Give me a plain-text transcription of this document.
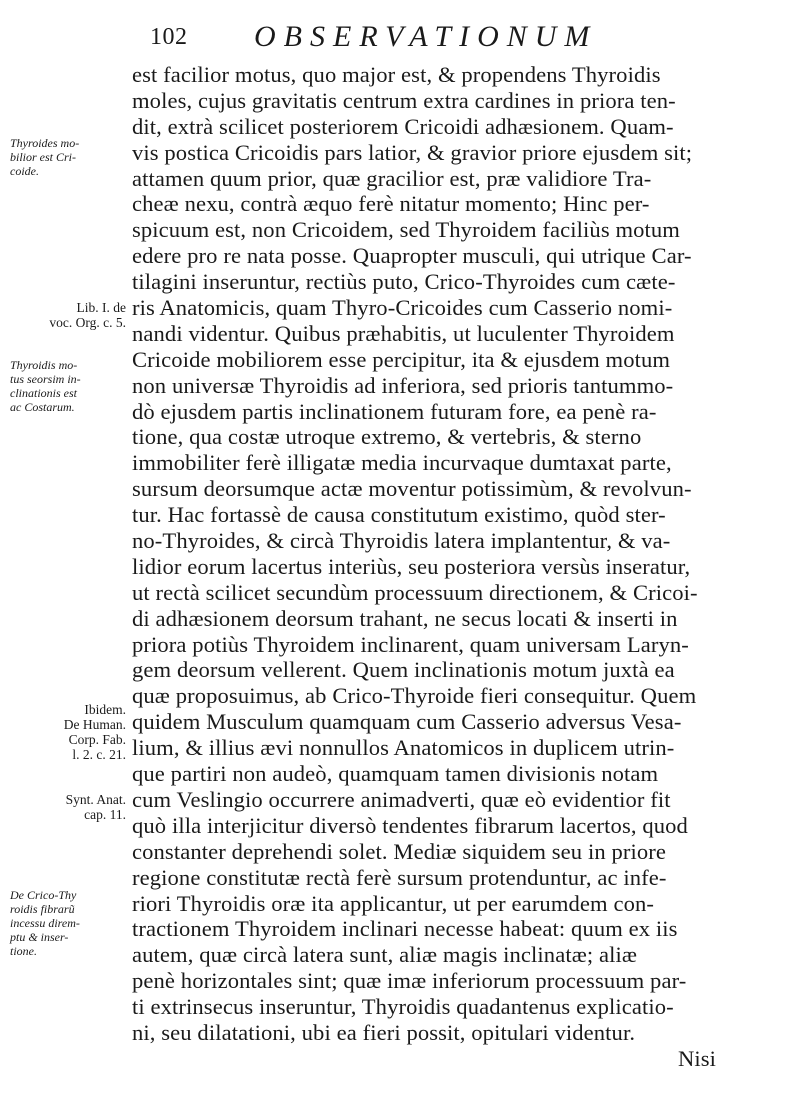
102 OBSERVATIONUM
Thyroides mo-
bilior est Cri-
coide.
Lib. I. de
voc. Org. c. 5.
Thyroidis mo-
tus seorsim in-
clinationis est
ac Costarum.
Ibidem.
De Human.
Corp. Fab.
l. 2. c. 21.
Synt. Anat.
cap. 11.
De Crico-Thy
roidis fibrarũ
incessu direm-
ptu & inser-
tione.
est facilior motus, quo major est, & propendens Thyroidis
moles, cujus gravitatis centrum extra cardines in priora ten-
dit, extrà scilicet posteriorem Cricoidi adhæsionem. Quam-
vis postica Cricoidis pars latior, & gravior priore ejusdem sit;
attamen quum prior, quæ gracilior est, præ validiore Tra-
cheæ nexu, contrà æquo ferè nitatur momento; Hinc per-
spicuum est, non Cricoidem, sed Thyroidem faciliùs motum
edere pro re nata posse. Quapropter musculi, qui utrique Car-
tilagini inseruntur, rectiùs puto, Crico-Thyroides cum cæte-
ris Anatomicis, quam Thyro-Cricoides cum Casserio nomi-
nandi videntur. Quibus præhabitis, ut luculenter Thyroidem
Cricoide mobiliorem esse percipitur, ita & ejusdem motum
non universæ Thyroidis ad inferiora, sed prioris tantummo-
dò ejusdem partis inclinationem futuram fore, ea penè ra-
tione, qua costæ utroque extremo, & vertebris, & sterno
immobiliter ferè illigatæ media incurvaque dumtaxat parte,
sursum deorsumque actæ moventur potissimùm, & revolvun-
tur. Hac fortassè de causa constitutum existimo, quòd ster-
no-Thyroides, & circà Thyroidis latera implantentur, & va-
lidior eorum lacertus interiùs, seu posteriora versùs inseratur,
ut rectà scilicet secundùm processuum directionem, & Cricoi-
di adhæsionem deorsum trahant, ne secus locati & inserti in
priora potiùs Thyroidem inclinarent, quam universam Laryn-
gem deorsum vellerent. Quem inclinationis motum juxtà ea
quæ proposuimus, ab Crico-Thyroide fieri consequitur. Quem
quidem Musculum quamquam cum Casserio adversus Vesa-
lium, & illius ævi nonnullos Anatomicos in duplicem utrin-
que partiri non audeò, quamquam tamen divisionis notam
cum Veslingio occurrere animadverti, quæ eò evidentior fit
quò illa interjicitur diversò tendentes fibrarum lacertos, quod
constanter deprehendi solet. Mediæ siquidem seu in priore
regione constitutæ rectà ferè sursum protenduntur, ac infe-
riori Thyroidis oræ ita applicantur, ut per earumdem con-
tractionem Thyroidem inclinari necesse habeat: quum ex iis
autem, quæ circà latera sunt, aliæ magis inclinatæ; aliæ
penè horizontales sint; quæ imæ inferiorum processuum par-
ti extrinsecus inseruntur, Thyroidis quadantenus explicatio-
ni, seu dilatationi, ubi ea fieri possit, opitulari videntur.
Nisi
